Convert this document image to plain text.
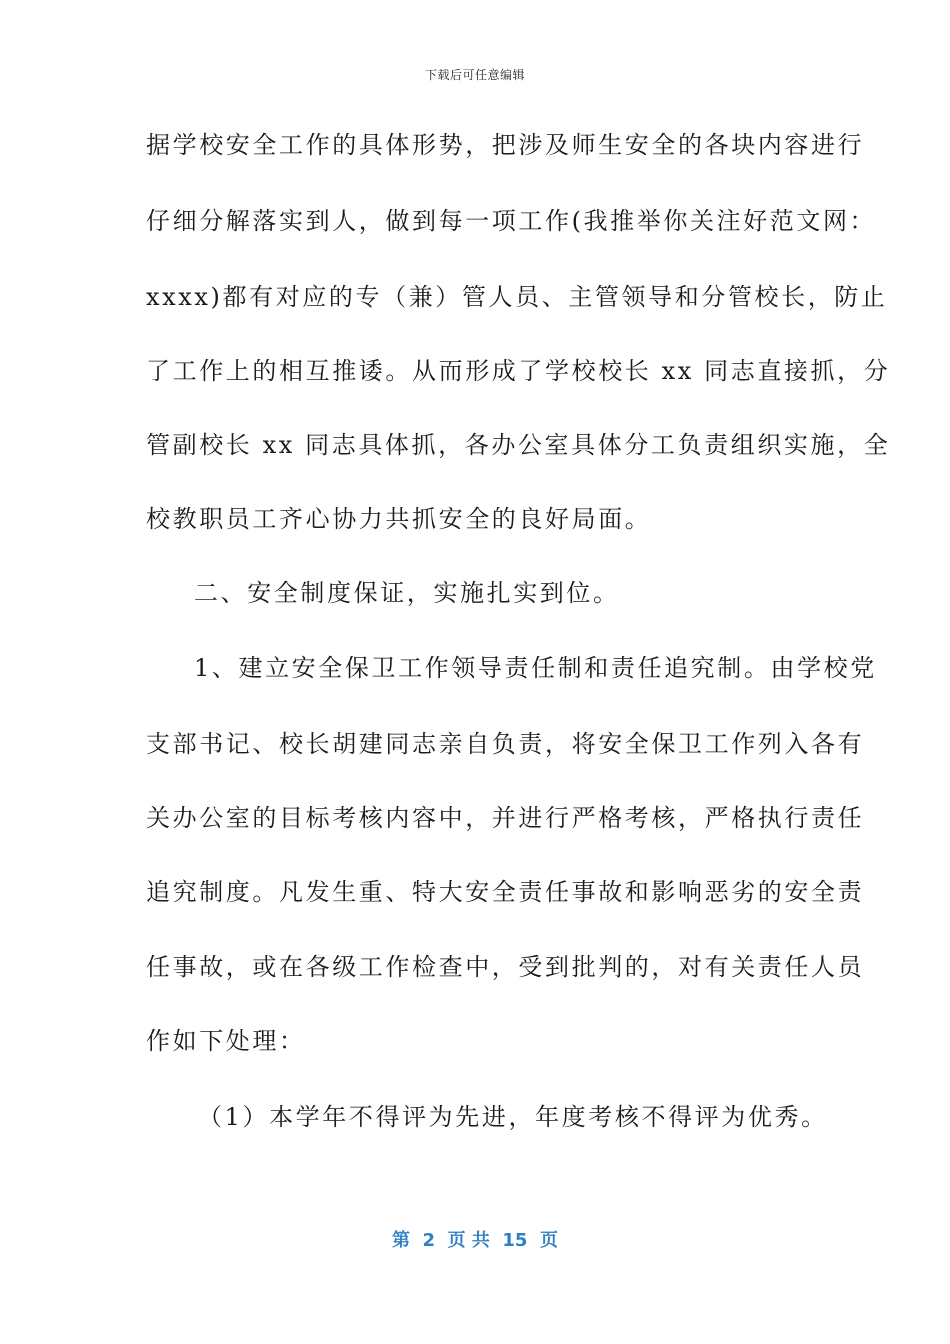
下载后可任意编辑
据学校安全工作的具体形势，把涉及师生安全的各块内容进行
仔细分解落实到人，做到每一项工作(我推举你关注好范文网：
xxxx)都有对应的专（兼）管人员、主管领导和分管校长，防止
了工作上的相互推诿。从而形成了学校校长 xx 同志直接抓，分
管副校长 xx 同志具体抓，各办公室具体分工负责组织实施，全
校教职员工齐心协力共抓安全的良好局面。
二、安全制度保证，实施扎实到位。
1、建立安全保卫工作领导责任制和责任追究制。由学校党
支部书记、校长胡建同志亲自负责，将安全保卫工作列入各有
关办公室的目标考核内容中，并进行严格考核，严格执行责任
追究制度。凡发生重、特大安全责任事故和影响恶劣的安全责
任事故，或在各级工作检查中，受到批判的，对有关责任人员
作如下处理：
（1）本学年不得评为先进，年度考核不得评为优秀。
第  2  页 共  15  页
